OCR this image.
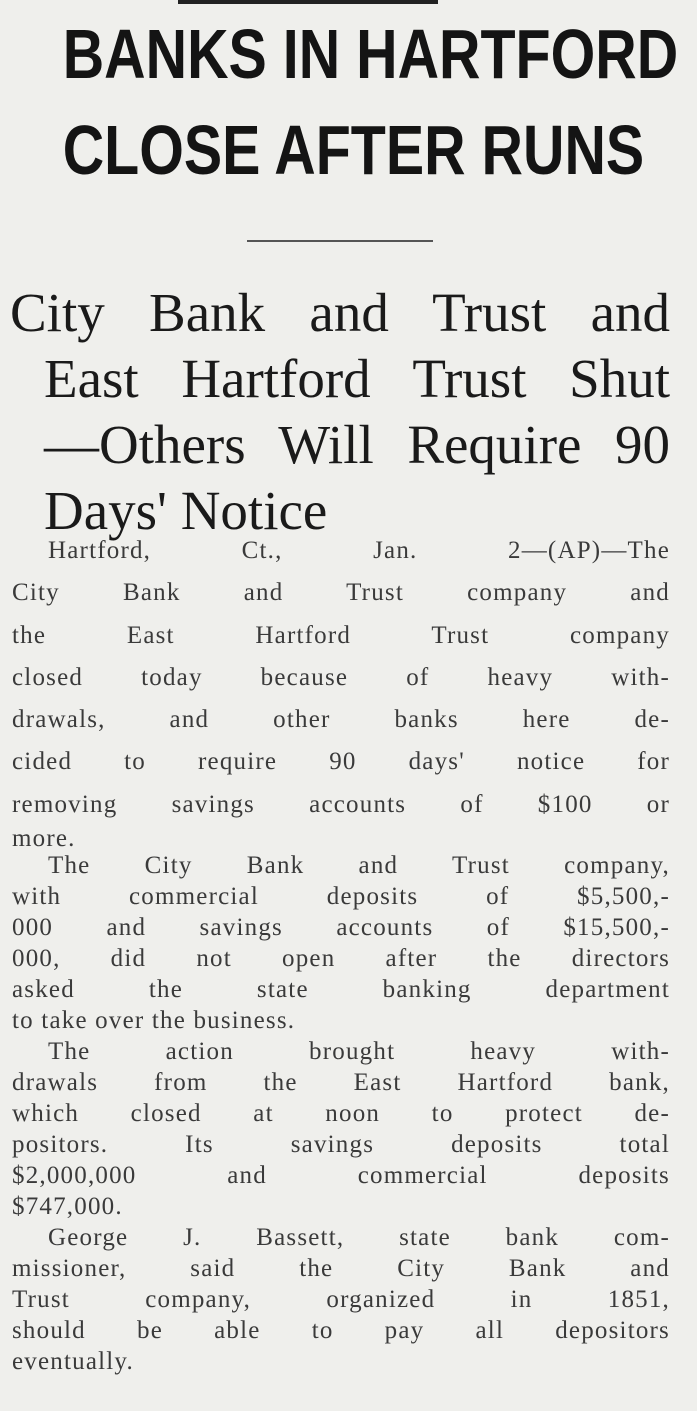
BANKS IN HARTFORD
CLOSE AFTER RUNS
City Bank and Trust and
East Hartford Trust Shut
—Others Will Require 90
Days' Notice
Hartford, Ct., Jan. 2—(AP)—The
City Bank and Trust company and
the East Hartford Trust company
closed today because of heavy with-
drawals, and other banks here de-
cided to require 90 days' notice for
removing savings accounts of $100 or
more.
The City Bank and Trust company,
with commercial deposits of $5,500,-
000 and savings accounts of $15,500,-
000, did not open after the directors
asked the state banking department
to take over the business.
The action brought heavy with-
drawals from the East Hartford bank,
which closed at noon to protect de-
positors. Its savings deposits total
$2,000,000 and commercial deposits
$747,000.
George J. Bassett, state bank com-
missioner, said the City Bank and
Trust company, organized in 1851,
should be able to pay all depositors
eventually.
